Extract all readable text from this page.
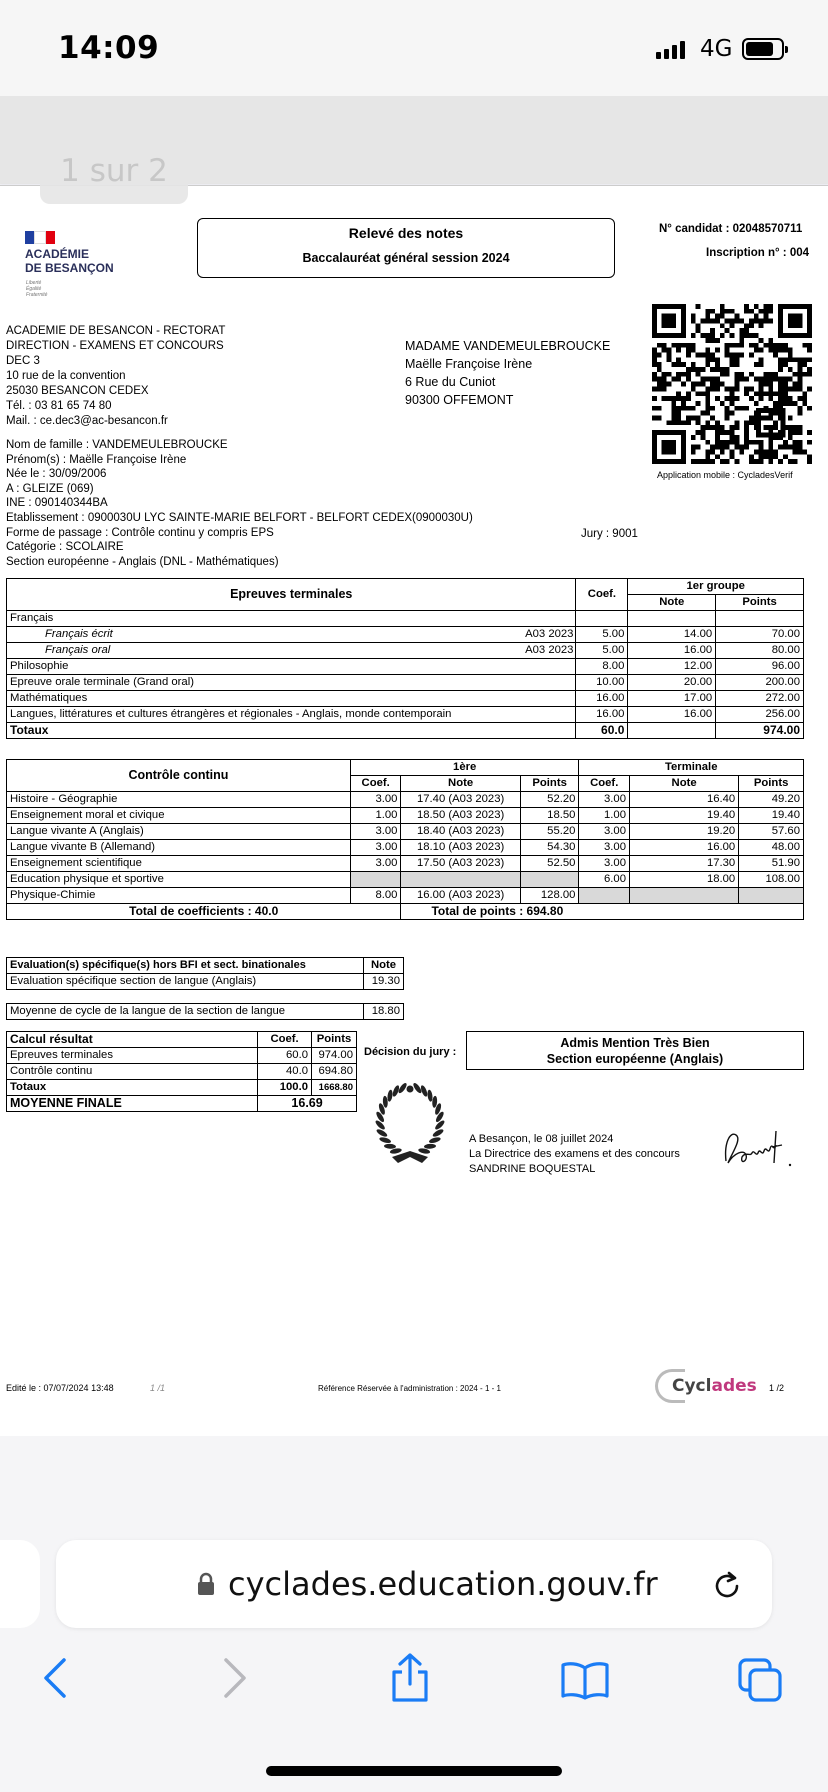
14:09	4G
ACADÉMIE
DE BESANÇON
Liberté
Égalité
Fraternité
Relevé des notes
Baccalauréat général session 2024
N° candidat : 02048570711
Inscription n° : 004
ACADEMIE DE BESANCON - RECTORAT
DIRECTION - EXAMENS ET CONCOURS
DEC 3
10 rue de la convention
25030 BESANCON CEDEX
Tél. : 03 81 65 74 80
Mail. : ce.dec3@ac-besancon.fr
MADAME VANDEMEULEBROUCKE
Maëlle Françoise Irène
6 Rue du Cuniot
90300 OFFEMONT
Application mobile : CycladesVerif
Nom de famille : VANDEMEULEBROUCKE
Prénom(s) : Maëlle Françoise Irène
Née le : 30/09/2006
A : GLEIZE (069)
INE : 090140344BA
Etablissement : 0900030U LYC SAINTE-MARIE BELFORT - BELFORT CEDEX(0900030U)
Forme de passage : Contrôle continu y compris EPS
Catégorie : SCOLAIRE
Section européenne - Anglais (DNL - Mathématiques)
Jury : 9001
Epreuves terminales	Coef.	1er groupe	
		Note	Points
Français

Français écrit A03 2023	5.00	14.00	70.00
Français oral A03 2023	5.00	16.00	80.00
Philosophie	8.00	12.00	96.00
Epreuve orale terminale (Grand oral)	10.00	20.00	200.00
Mathématiques	16.00	17.00	272.00
Langues, littératures et cultures étrangères et régionales - Anglais, monde contemporain	16.00	16.00	256.00
Totaux	60.0		974.00
Contrôle continu	1ère			Terminale		
	Coef.	Note	Points	Coef.	Note	Points
Histoire - Géographie	3.00	17.40 (A03 2023)	52.20	3.00	16.40	49.20
Enseignement moral et civique	1.00	18.50 (A03 2023)	18.50	1.00	19.40	19.40
Langue vivante A (Anglais)	3.00	18.40 (A03 2023)	55.20	3.00	19.20	57.60
Langue vivante B (Allemand)	3.00	18.10 (A03 2023)	54.30	3.00	16.00	48.00
Enseignement scientifique	3.00	17.50 (A03 2023)	52.50	3.00	17.30	51.90
Education physique et sportive				6.00	18.00	108.00
Physique-Chimie	8.00	16.00 (A03 2023)	128.00			
Total de coefficients : 40.0		Total de points : 694.80				
Evaluation(s) spécifique(s) hors BFI et sect. binationales	Note
Evaluation spécifique section de langue (Anglais)	19.30
Moyenne de cycle de la langue de la section de langue	18.80
Calcul résultat	Coef.	Points
Epreuves terminales	60.0	974.00
Contrôle continu	40.0	694.80
Totaux	100.0	1668.80
MOYENNE FINALE	16.69	
Décision du jury :
Admis Mention Très Bien
Section européenne (Anglais)
A Besançon, le 08 juillet 2024
La Directrice des examens et des concours
SANDRINE BOQUESTAL
Edité le : 07/07/2024 13:48	1 /1	Référence Réservée à l'administration : 2024 - 1 - 1	Cyclades 1 /2
1 sur 2
cyclades.education.gouv.fr
